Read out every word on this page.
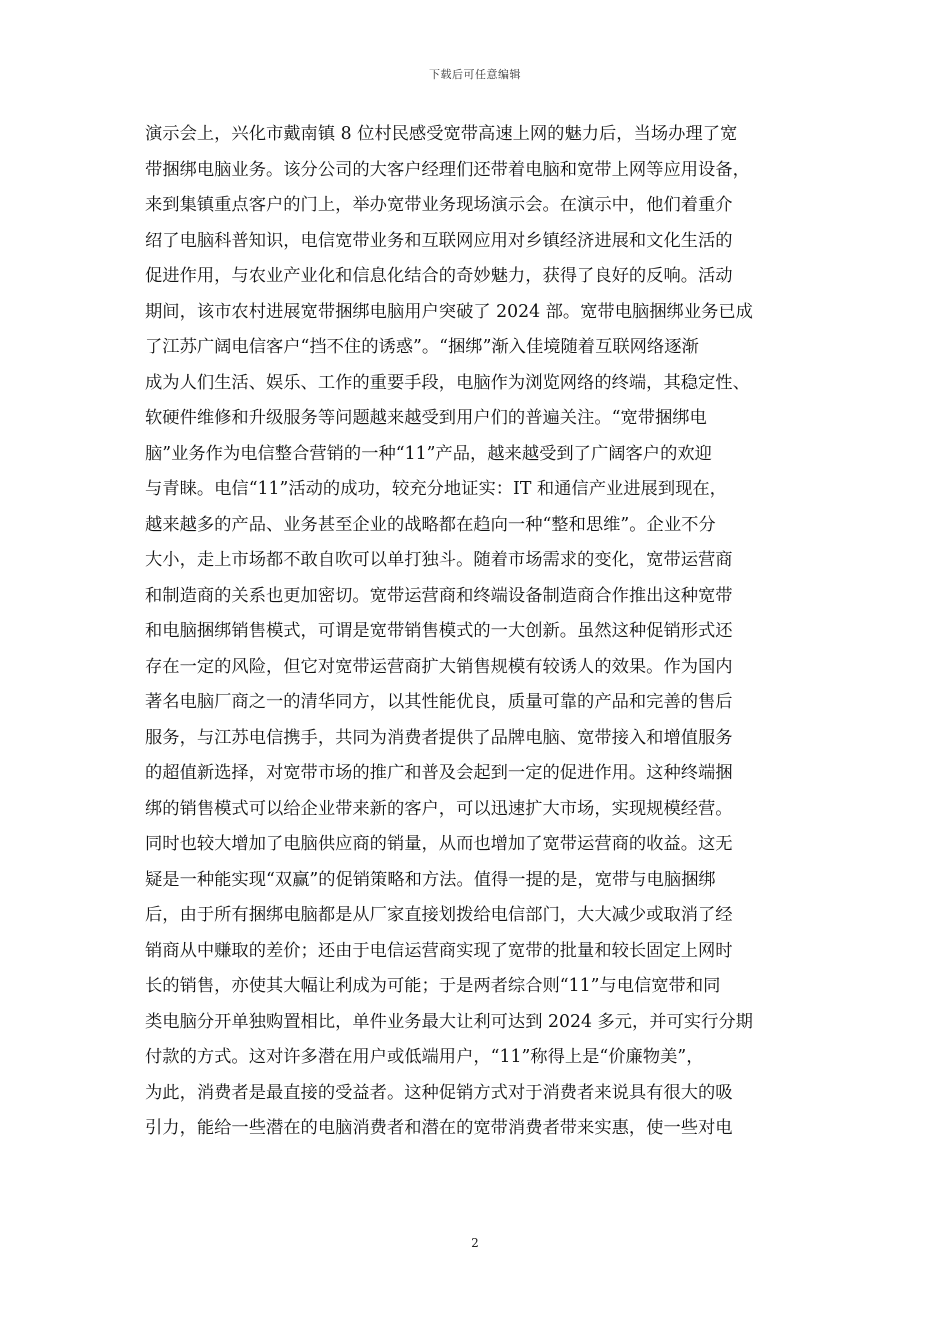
下载后可任意编辑
演示会上，兴化市戴南镇 8 位村民感受宽带高速上网的魅力后，当场办理了宽
带捆绑电脑业务。该分公司的大客户经理们还带着电脑和宽带上网等应用设备，
来到集镇重点客户的门上，举办宽带业务现场演示会。在演示中，他们着重介
绍了电脑科普知识，电信宽带业务和互联网应用对乡镇经济进展和文化生活的
促进作用，与农业产业化和信息化结合的奇妙魅力，获得了良好的反响。活动
期间，该市农村进展宽带捆绑电脑用户突破了 2024 部。宽带电脑捆绑业务已成
了江苏广阔电信客户“挡不住的诱惑”。“捆绑”渐入佳境随着互联网络逐渐
成为人们生活、娱乐、工作的重要手段，电脑作为浏览网络的终端，其稳定性、
软硬件维修和升级服务等问题越来越受到用户们的普遍关注。“宽带捆绑电
脑”业务作为电信整合营销的一种“11”产品，越来越受到了广阔客户的欢迎
与青睐。电信“11”活动的成功，较充分地证实：IT 和通信产业进展到现在，
越来越多的产品、业务甚至企业的战略都在趋向一种“整和思维”。企业不分
大小，走上市场都不敢自吹可以单打独斗。随着市场需求的变化，宽带运营商
和制造商的关系也更加密切。宽带运营商和终端设备制造商合作推出这种宽带
和电脑捆绑销售模式，可谓是宽带销售模式的一大创新。虽然这种促销形式还
存在一定的风险，但它对宽带运营商扩大销售规模有较诱人的效果。作为国内
著名电脑厂商之一的清华同方，以其性能优良，质量可靠的产品和完善的售后
服务，与江苏电信携手，共同为消费者提供了品牌电脑、宽带接入和增值服务
的超值新选择，对宽带市场的推广和普及会起到一定的促进作用。这种终端捆
绑的销售模式可以给企业带来新的客户，可以迅速扩大市场，实现规模经营。
同时也较大增加了电脑供应商的销量，从而也增加了宽带运营商的收益。这无
疑是一种能实现“双赢”的促销策略和方法。值得一提的是，宽带与电脑捆绑
后，由于所有捆绑电脑都是从厂家直接划拨给电信部门，大大减少或取消了经
销商从中赚取的差价；还由于电信运营商实现了宽带的批量和较长固定上网时
长的销售，亦使其大幅让利成为可能；于是两者综合则“11”与电信宽带和同
类电脑分开单独购置相比，单件业务最大让利可达到 2024 多元，并可实行分期
付款的方式。这对许多潜在用户或低端用户，“11”称得上是“价廉物美”，
为此，消费者是最直接的受益者。这种促销方式对于消费者来说具有很大的吸
引力，能给一些潜在的电脑消费者和潜在的宽带消费者带来实惠，使一些对电
2
